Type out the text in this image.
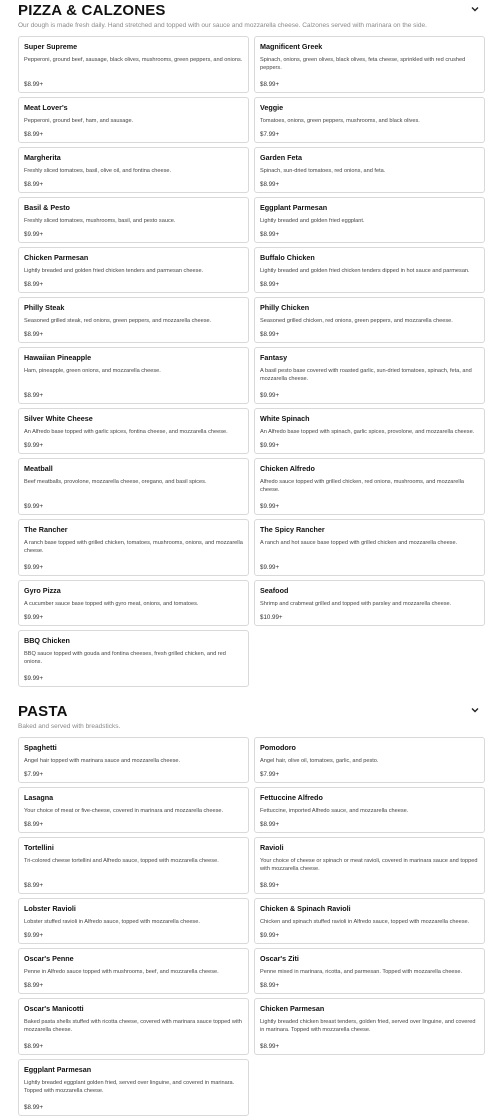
PIZZA & CALZONES

Our dough is made fresh daily. Hand stretched and topped with our sauce and mozzarella cheese. Calzones served with marinara on the side.

Super Supreme

Pepperoni, ground beef, sausage, black olives, mushrooms, green peppers, and onions.

$8.99+

Magnificent Greek

Spinach, onions, green olives, black olives, feta cheese, sprinkled with red crushed peppers.

$8.99+

Meat Lover's

Pepperoni, ground beef, ham, and sausage.

$8.99+

Veggie

Tomatoes, onions, green peppers, mushrooms, and black olives.

$7.99+

Margherita

Freshly sliced tomatoes, basil, olive oil, and fontina cheese.

$8.99+

Garden Feta

Spinach, sun-dried tomatoes, red onions, and feta.

$8.99+

Basil & Pesto

Freshly sliced tomatoes, mushrooms, basil, and pesto sauce.

$9.99+

Eggplant Parmesan

Lightly breaded and golden fried eggplant.

$8.99+

Chicken Parmesan

Lightly breaded and golden fried chicken tenders and parmesan cheese.

$8.99+

Buffalo Chicken

Lightly breaded and golden fried chicken tenders dipped in hot sauce and parmesan.

$8.99+

Philly Steak

Seasoned grilled steak, red onions, green peppers, and mozzarella cheese.

$8.99+

Philly Chicken

Seasoned grilled chicken, red onions, green peppers, and mozzarella cheese.

$8.99+

Hawaiian Pineapple

Ham, pineapple, green onions, and mozzarella cheese.

$8.99+

Fantasy

A basil pesto base covered with roasted garlic, sun-dried tomatoes, spinach, feta, and mozzarella cheese.

$9.99+

Silver White Cheese

An Alfredo base topped with garlic spices, fontina cheese, and mozzarella cheese.

$9.99+

White Spinach

An Alfredo base topped with spinach, garlic spices, provolone, and mozzarella cheese.

$9.99+

Meatball

Beef meatballs, provolone, mozzarella cheese, oregano, and basil spices.

$9.99+

Chicken Alfredo

Alfredo sauce topped with grilled chicken, red onions, mushrooms, and mozzarella cheese.

$9.99+

The Rancher

A ranch base topped with grilled chicken, tomatoes, mushrooms, onions, and mozzarella cheese.

$9.99+

The Spicy Rancher

A ranch and hot sauce base topped with grilled chicken and mozzarella cheese.

$9.99+

Gyro Pizza

A cucumber sauce base topped with gyro meat, onions, and tomatoes.

$9.99+

Seafood

Shrimp and crabmeat grilled and topped with parsley and mozzarella cheese.

$10.99+

BBQ Chicken

BBQ sauce topped with gouda and fontina cheeses, fresh grilled chicken, and red onions.

$9.99+
PASTA

Baked and served with breadsticks.

Spaghetti

Angel hair topped with marinara sauce and mozzarella cheese.

$7.99+

Pomodoro

Angel hair, olive oil, tomatoes, garlic, and pesto.

$7.99+

Lasagna

Your choice of meat or five-cheese, covered in marinara and mozzarella cheese.

$8.99+

Fettuccine Alfredo

Fettuccine, imported Alfredo sauce, and mozzarella cheese.

$8.99+

Tortellini

Tri-colored cheese tortellini and Alfredo sauce, topped with mozzarella cheese.

$8.99+

Ravioli

Your choice of cheese or spinach or meat ravioli, covered in marinara sauce and topped with mozzarella cheese.

$8.99+

Lobster Ravioli

Lobster stuffed ravioli in Alfredo sauce, topped with mozzarella cheese.

$9.99+

Chicken & Spinach Ravioli

Chicken and spinach stuffed ravioli in Alfredo sauce, topped with mozzarella cheese.

$9.99+

Oscar's Penne

Penne in Alfredo sauce topped with mushrooms, beef, and mozzarella cheese.

$8.99+

Oscar's Ziti

Penne mixed in marinara, ricotta, and parmesan. Topped with mozzarella cheese.

$8.99+

Oscar's Manicotti

Baked pasta shells stuffed with ricotta cheese, covered with marinara sauce topped with mozzarella cheese.

$8.99+

Chicken Parmesan

Lightly breaded chicken breast tenders, golden fried, served over linguine, and covered in marinara. Topped with mozzarella cheese.

$8.99+

Eggplant Parmesan

Lightly breaded eggplant golden fried, served over linguine, and covered in marinara. Topped with mozzarella cheese.

$8.99+
